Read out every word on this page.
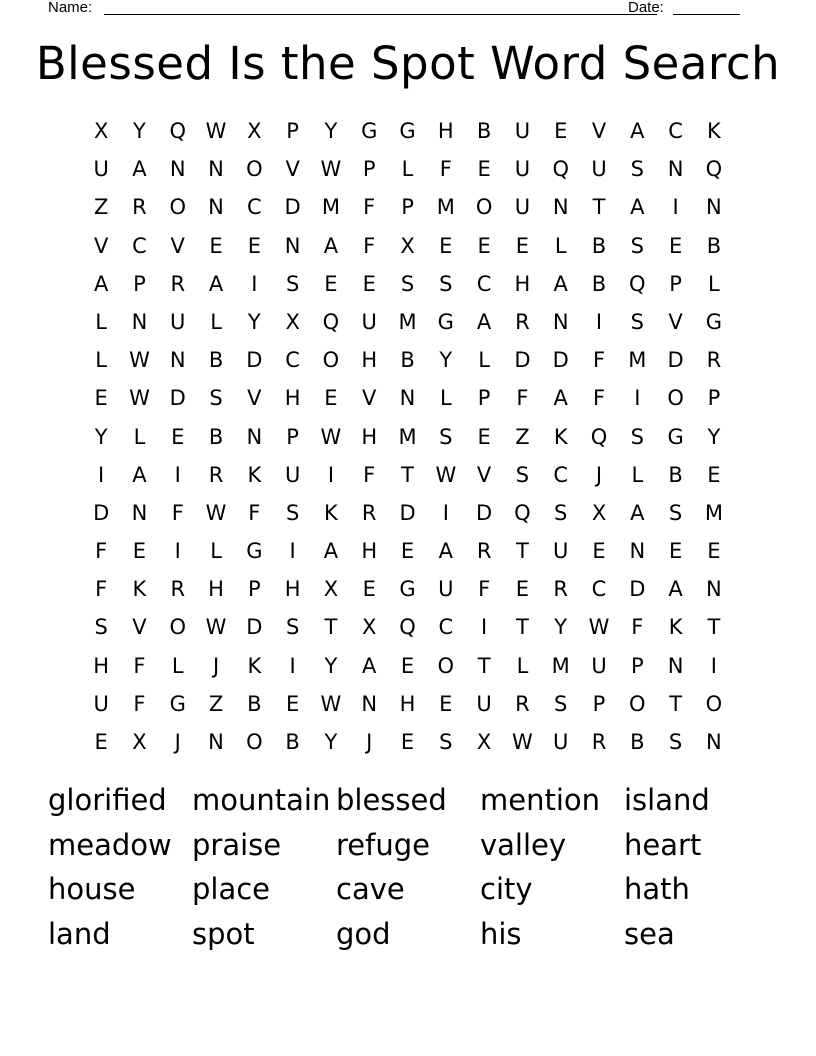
Name:	Date:
Blessed Is the Spot Word Search
X	Y	Q W X	P	Y	G	G	H	B	U	E	V	A	C	K
U	A	N	N	O	V W	P	L	F	E	U	Q	U	S	N	Q
Z	R	O	N	C	D	M	F	P	M O	U	N	T	A	I	N
V	C	V	E	E	N	A	F	X	E	E	E	L	B	S	E	B
A	P	R	A	I	S	E	E	S	S	C	H	A	B	Q	P	L
L	N	U	L	Y	X	Q	U	M	G	A	R	N	I	S	V	G
L	W N	B	D	C	O	H	B	Y	L	D	D	F	M	D	R
E	W D	S	V	H	E	V	N	L	P	F	A	F	I	O	P
Y	L	E	B	N	P	W H	M	S	E	Z	K	Q	S	G	Y
I	A	I	R	K	U	I	F	T	W V	S	C	J	L	B	E
D	N	F	W	F	S	K	R	D	I	D	Q	S	X	A	S	M
F	E	I	L	G	I	A	H	E	A	R	T	U	E	N	E	E
F	K	R	H	P	H	X	E	G	U	F	E	R	C	D	A	N
S	V	O W D	S	T	X	Q	C	I	T	Y	W	F	K	T
H	F	L	J	K	I	Y	A	E	O	T	L	M	U	P	N	I
U	F	G	Z	B	E	W N	H	E	U	R	S	P	O	T	O
E	X	J	N	O	B	Y	J	E	S	X W U	R	B	S	N
glorified mountain blessed	mention island
meadow praise	refuge	valley	heart
house	place	cave	city	hath
land	spot	god	his	sea
